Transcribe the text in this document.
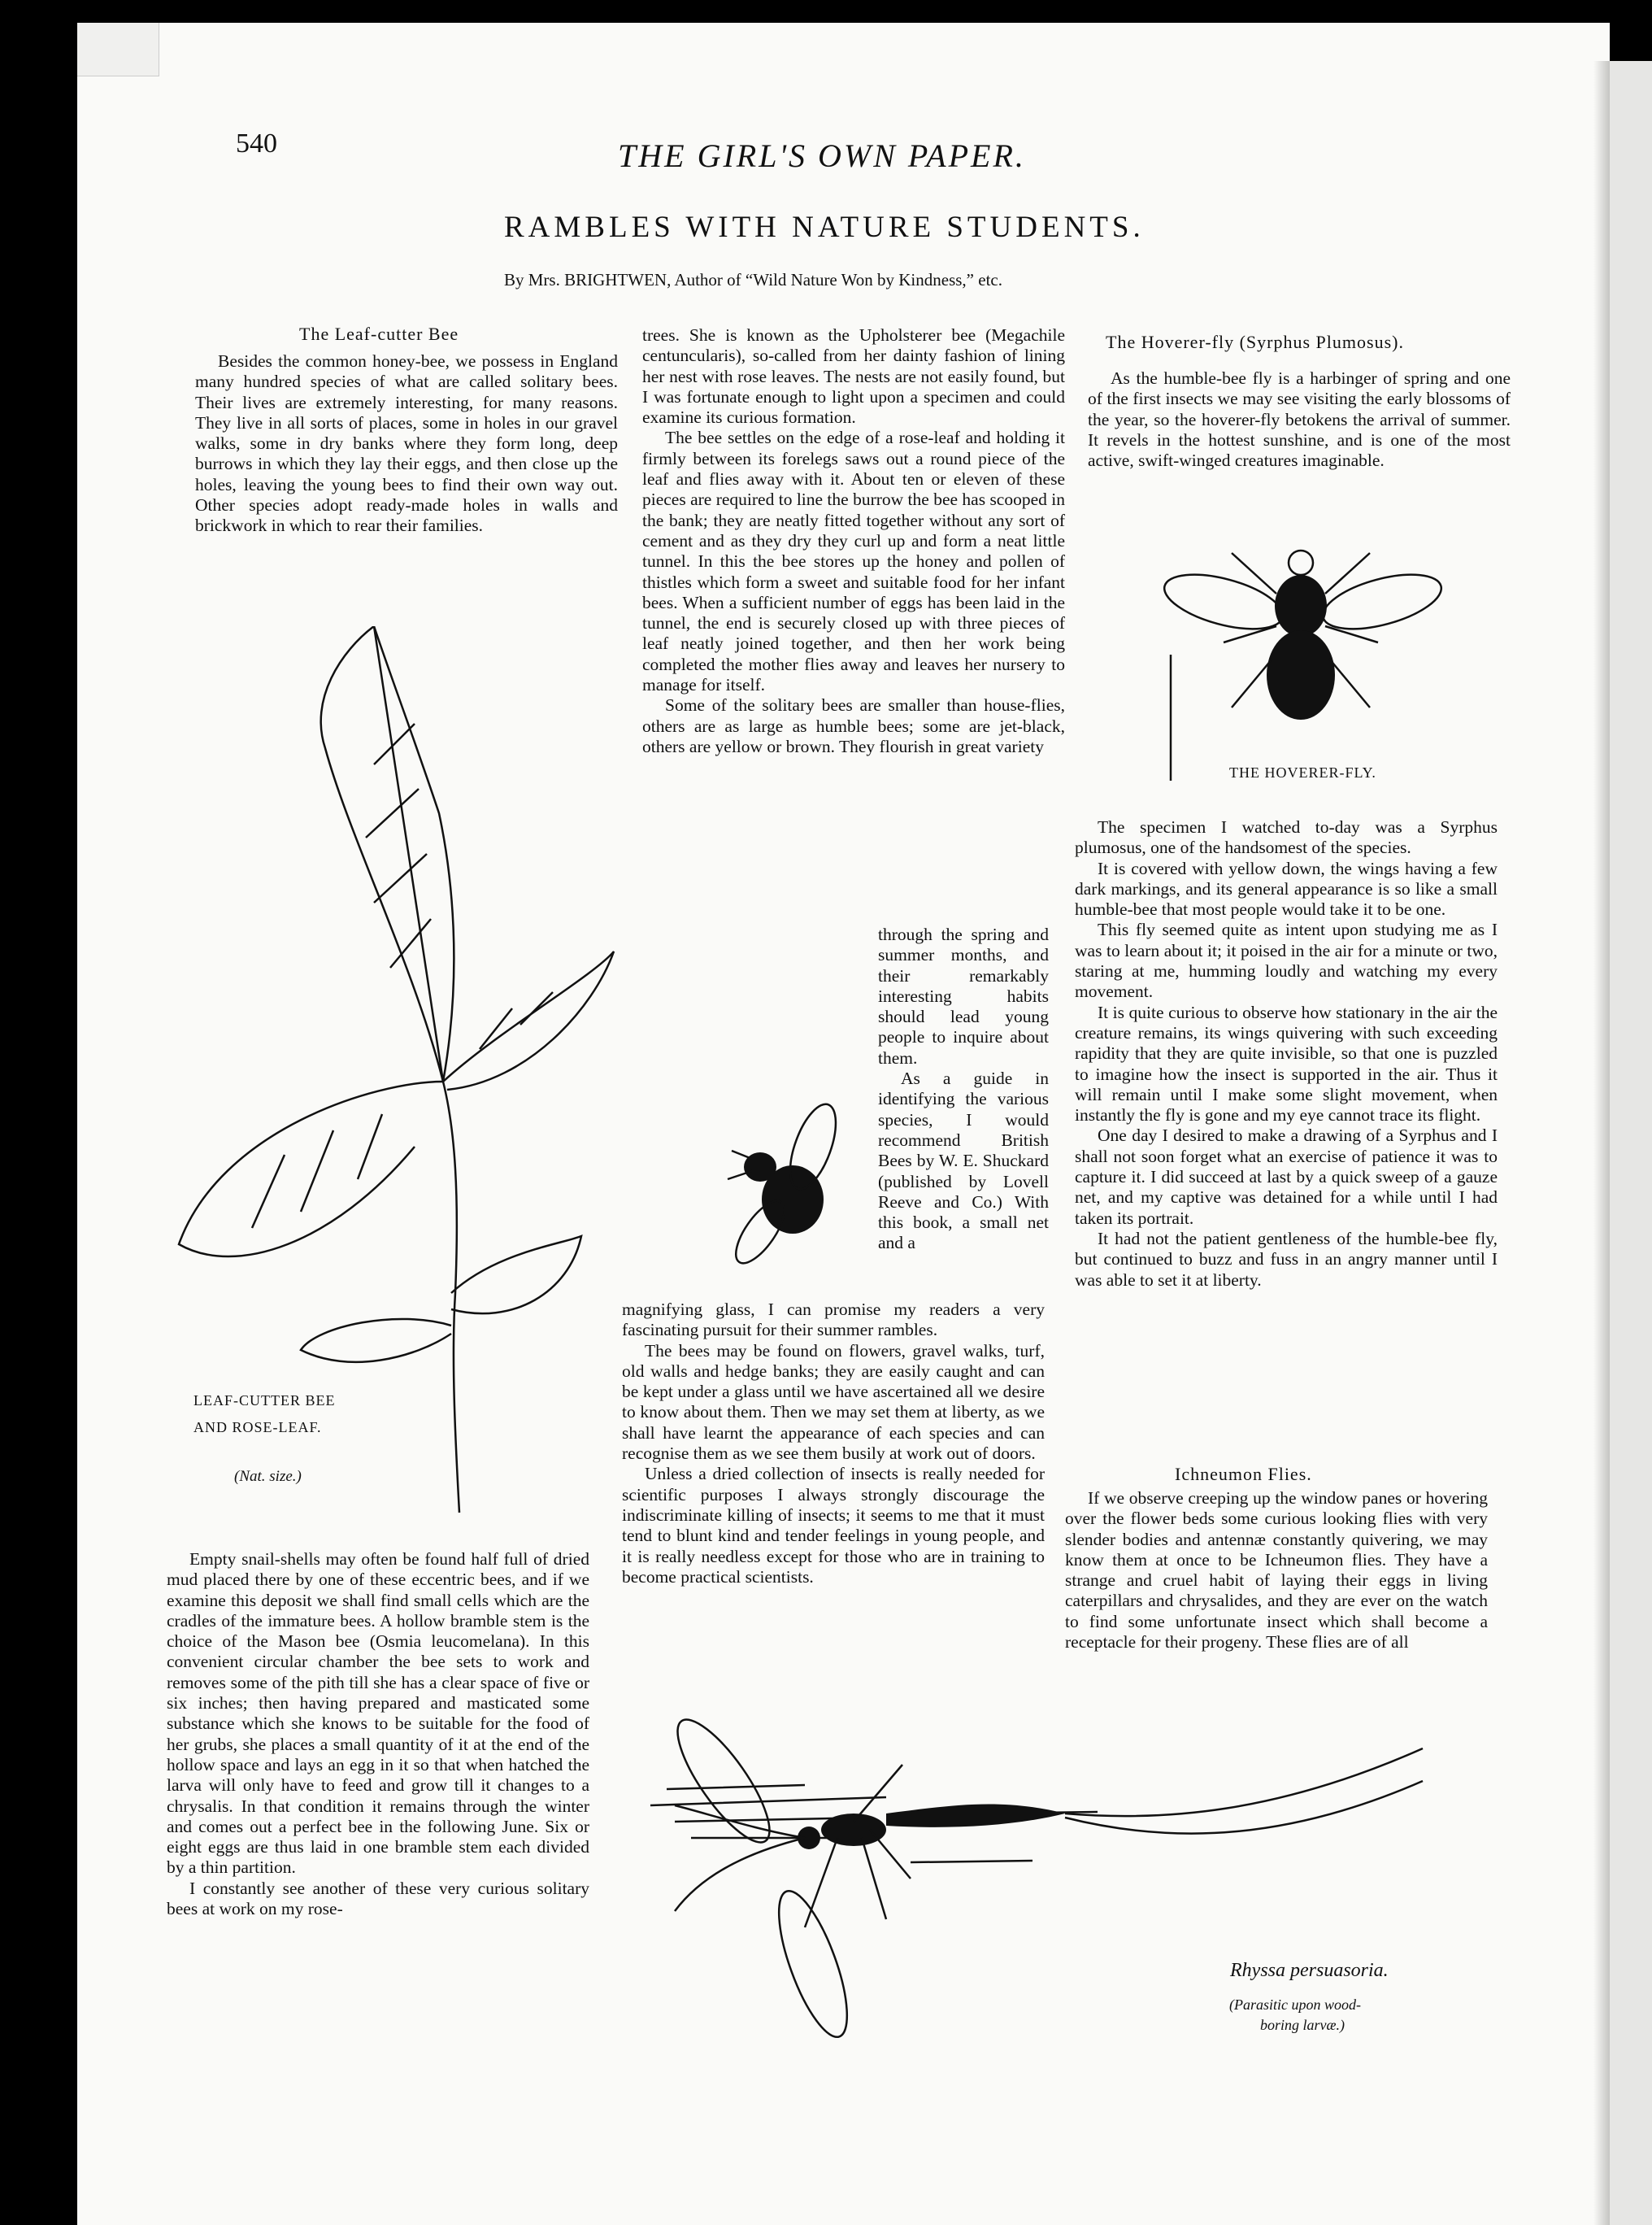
540	THE GIRL'S OWN PAPER.
RAMBLES WITH NATURE STUDENTS.
By Mrs. BRIGHTWEN, Author of “Wild Nature Won by Kindness,” etc.
The Leaf-cutter Bee

Besides the common honey-bee, we possess in England many hundred species of what are called solitary bees. Their lives are extremely interesting, for many reasons. They live in all sorts of places, some in holes in our gravel walks, some in dry banks where they form long, deep burrows in which they lay their eggs, and then close up the holes, leaving the young bees to find their own way out. Other species adopt ready-made holes in walls and brickwork in which to rear their families.

LEAF-CUTTER BEE
AND ROSE-LEAF.
(Nat. size.)

Empty snail-shells may often be found half full of dried mud placed there by one of these eccentric bees, and if we examine this deposit we shall find small cells which are the cradles of the immature bees. A hollow bramble stem is the choice of the Mason bee (Osmia leucomelana). In this convenient circular chamber the bee sets to work and removes some of the pith till she has a clear space of five or six inches; then having prepared and masticated some substance which she knows to be suitable for the food of her grubs, she places a small quantity of it at the end of the hollow space and lays an egg in it so that when hatched the larva will only have to feed and grow till it changes to a chrysalis. In that condition it remains through the winter and comes out a perfect bee in the following June. Six or eight eggs are thus laid in one bramble stem each divided by a thin partition.

I constantly see another of these very curious solitary bees at work on my rose-

trees. She is known as the Upholsterer bee (Megachile centuncularis), so-called from her dainty fashion of lining her nest with rose leaves. The nests are not easily found, but I was fortunate enough to light upon a specimen and could examine its curious formation.

The bee settles on the edge of a rose-leaf and holding it firmly between its forelegs saws out a round piece of the leaf and flies away with it. About ten or eleven of these pieces are required to line the burrow the bee has scooped in the bank; they are neatly fitted together without any sort of cement and as they dry they curl up and form a neat little tunnel. In this the bee stores up the honey and pollen of thistles which form a sweet and suitable food for her infant bees. When a sufficient number of eggs has been laid in the tunnel, the end is securely closed up with three pieces of leaf neatly joined together, and then her work being completed the mother flies away and leaves her nursery to manage for itself.

Some of the solitary bees are smaller than house-flies, others are as large as humble bees; some are jet-black, others are yellow or brown. They flourish in great variety

through the spring and summer months, and their remarkably interesting habits should lead young people to inquire about them.

As a guide in identifying the various species, I would recommend British Bees by W. E. Shuckard (published by Lovell Reeve and Co.) With this book, a small net and a

magnifying glass, I can promise my readers a very fascinating pursuit for their summer rambles.

The bees may be found on flowers, gravel walks, turf, old walls and hedge banks; they are easily caught and can be kept under a glass until we have ascertained all we desire to know about them. Then we may set them at liberty, as we shall have learnt the appearance of each species and can recognise them as we see them busily at work out of doors.

Unless a dried collection of insects is really needed for scientific purposes I always strongly discourage the indiscriminate killing of insects; it seems to me that it must tend to blunt kind and tender feelings in young people, and it is really needless except for those who are in training to become practical scientists.

The Hoverer-fly (Syrphus Plumosus).

As the humble-bee fly is a harbinger of spring and one of the first insects we may see visiting the early blossoms of the year, so the hoverer-fly betokens the arrival of summer. It revels in the hottest sunshine, and is one of the most active, swift-winged creatures imaginable.

THE HOVERER-FLY.

The specimen I watched to-day was a Syrphus plumosus, one of the handsomest of the species.

It is covered with yellow down, the wings having a few dark markings, and its general appearance is so like a small humble-bee that most people would take it to be one.

This fly seemed quite as intent upon studying me as I was to learn about it; it poised in the air for a minute or two, staring at me, humming loudly and watching my every movement.

It is quite curious to observe how stationary in the air the creature remains, its wings quivering with such exceeding rapidity that they are quite invisible, so that one is puzzled to imagine how the insect is supported in the air. Thus it will remain until I make some slight movement, when instantly the fly is gone and my eye cannot trace its flight.

One day I desired to make a drawing of a Syrphus and I shall not soon forget what an exercise of patience it was to capture it. I did succeed at last by a quick sweep of a gauze net, and my captive was detained for a while until I had taken its portrait.

It had not the patient gentleness of the humble-bee fly, but continued to buzz and fuss in an angry manner until I was able to set it at liberty.

Ichneumon Flies.

If we observe creeping up the window panes or hovering over the flower beds some curious looking flies with very slender bodies and antennæ constantly quivering, we may know them at once to be Ichneumon flies. They have a strange and cruel habit of laying their eggs in living caterpillars and chrysalides, and they are ever on the watch to find some unfortunate insect which shall become a receptacle for their progeny. These flies are of all

Rhyssa persuasoria.
(Parasitic upon wood-
boring larvæ.)
